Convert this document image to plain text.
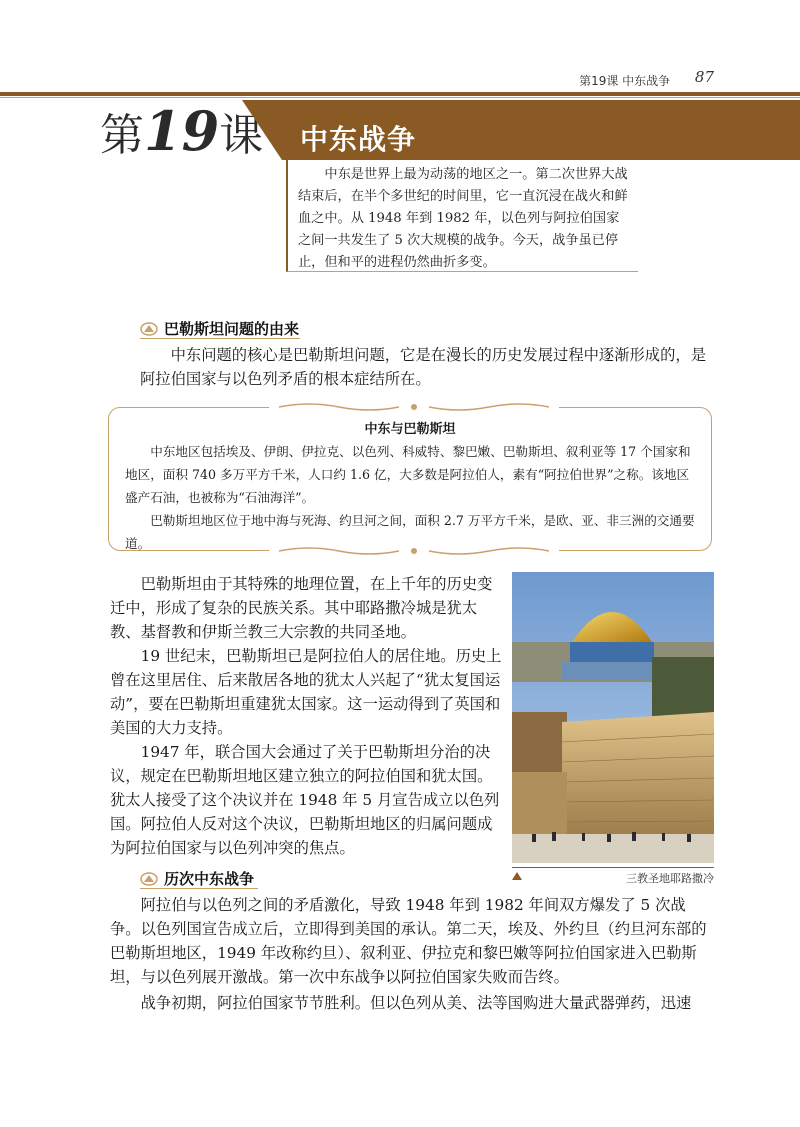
第19课 中东战争	87
第19课 中东战争

中东是世界上最为动荡的地区之一。第二次世界大战结束后，在半个多世纪的时间里，它一直沉浸在战火和鲜血之中。从 1948 年到 1982 年，以色列与阿拉伯国家之间一共发生了 5 次大规模的战争。今天，战争虽已停止，但和平的进程仍然曲折多变。

巴勒斯坦问题的由来

中东问题的核心是巴勒斯坦问题，它是在漫长的历史发展过程中逐渐形成的，是阿拉伯国家与以色列矛盾的根本症结所在。

中东与巴勒斯坦

中东地区包括埃及、伊朗、伊拉克、以色列、科威特、黎巴嫩、巴勒斯坦、叙利亚等 17 个国家和地区，面积 740 多万平方千米，人口约 1.6 亿，大多数是阿拉伯人，素有“阿拉伯世界”之称。该地区盛产石油，也被称为“石油海洋”。

巴勒斯坦地区位于地中海与死海、约旦河之间，面积 2.7 万平方千米，是欧、亚、非三洲的交通要道。

巴勒斯坦由于其特殊的地理位置，在上千年的历史变迁中，形成了复杂的民族关系。其中耶路撒冷城是犹太教、基督教和伊斯兰教三大宗教的共同圣地。

19 世纪末，巴勒斯坦已是阿拉伯人的居住地。历史上曾在这里居住、后来散居各地的犹太人兴起了“犹太复国运动”，要在巴勒斯坦重建犹太国家。这一运动得到了英国和美国的大力支持。

1947 年，联合国大会通过了关于巴勒斯坦分治的决议，规定在巴勒斯坦地区建立独立的阿拉伯国和犹太国。犹太人接受了这个决议并在 1948 年 5 月宣告成立以色列国。阿拉伯人反对这个决议，巴勒斯坦地区的归属问题成为阿拉伯国家与以色列冲突的焦点。

三教圣地耶路撒冷
历次中东战争

阿拉伯与以色列之间的矛盾激化，导致 1948 年到 1982 年间双方爆发了 5 次战争。 以色列国宣告成立后，立即得到美国的承认。第二天，埃及、外约旦（约旦河东部的巴勒斯坦地区，1949 年改称约旦）、叙利亚、伊拉克和黎巴嫩等阿拉伯国家进入巴勒斯坦，与以色列展开激战。第一次中东战争以阿拉伯国家失败而告终。

战争初期，阿拉伯国家节节胜利。但以色列从美、法等国购进大量武器弹药，迅速
